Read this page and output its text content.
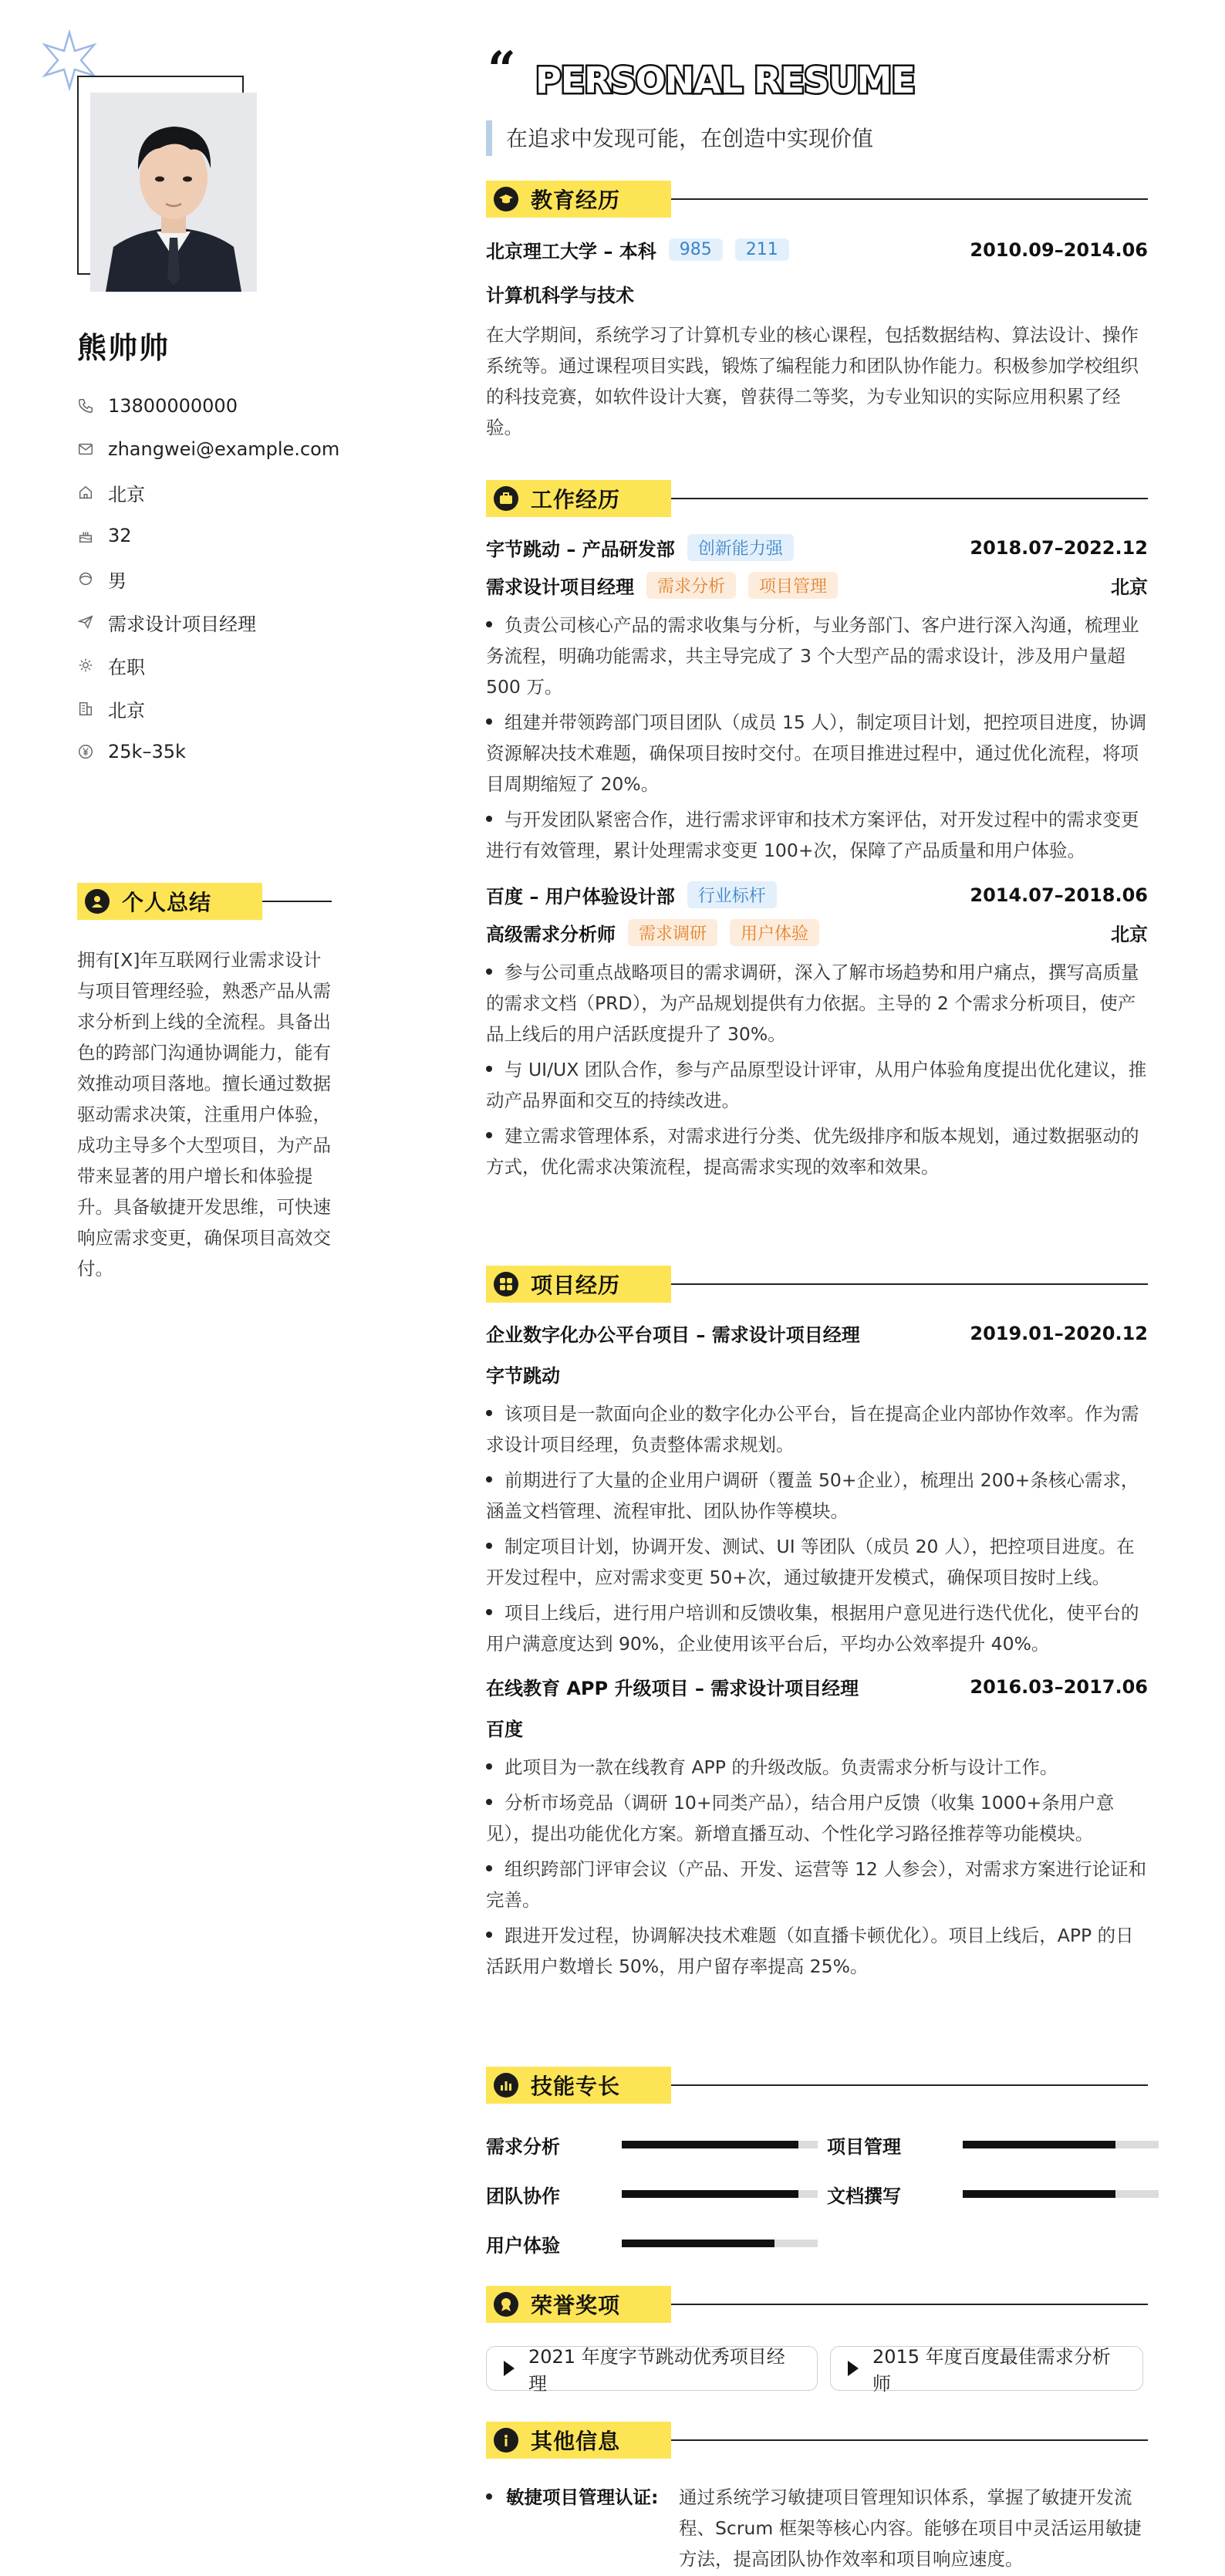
熊帅帅
13800000000
zhangwei@example.com
北京
32
男
需求设计项目经理
在职
北京
25k–35k
个人总结
拥有[X]年互联网行业需求设计与项目管理经验，熟悉产品从需求分析到上线的全流程。具备出色的跨部门沟通协调能力，能有效推动项目落地。擅长通过数据驱动需求决策，注重用户体验，成功主导多个大型项目，为产品带来显著的用户增长和体验提升。具备敏捷开发思维，可快速响应需求变更，确保项目高效交付。
“ PERSONAL RESUME
在追求中发现可能，在创造中实现价值
教育经历
北京理工大学 – 本科	985	211	2010.09–2014.06
计算机科学与技术
在大学期间，系统学习了计算机专业的核心课程，包括数据结构、算法设计、操作系统等。通过课程项目实践，锻炼了编程能力和团队协作能力。积极参加学校组织的科技竞赛，如软件设计大赛，曾获得二等奖，为专业知识的实际应用积累了经验。
工作经历
字节跳动 – 产品研发部	创新能力强	2018.07–2022.12
需求设计项目经理	需求分析	项目管理	北京
负责公司核心产品的需求收集与分析，与业务部门、客户进行深入沟通，梳理业务流程，明确功能需求，共主导完成了 3 个大型产品的需求设计，涉及用户量超 500 万。
组建并带领跨部门项目团队（成员 15 人），制定项目计划，把控项目进度，协调资源解决技术难题，确保项目按时交付。在项目推进过程中，通过优化流程，将项目周期缩短了 20%。
与开发团队紧密合作，进行需求评审和技术方案评估，对开发过程中的需求变更进行有效管理，累计处理需求变更 100+次，保障了产品质量和用户体验。
百度 – 用户体验设计部	行业标杆	2014.07–2018.06
高级需求分析师	需求调研	用户体验	北京
参与公司重点战略项目的需求调研，深入了解市场趋势和用户痛点，撰写高质量的需求文档（PRD），为产品规划提供有力依据。主导的 2 个需求分析项目，使产品上线后的用户活跃度提升了 30%。
与 UI/UX 团队合作，参与产品原型设计评审，从用户体验角度提出优化建议，推动产品界面和交互的持续改进。
建立需求管理体系，对需求进行分类、优先级排序和版本规划，通过数据驱动的方式，优化需求决策流程，提高需求实现的效率和效果。
项目经历
企业数字化办公平台项目 – 需求设计项目经理	2019.01–2020.12
字节跳动
该项目是一款面向企业的数字化办公平台，旨在提高企业内部协作效率。作为需求设计项目经理，负责整体需求规划。
前期进行了大量的企业用户调研（覆盖 50+企业），梳理出 200+条核心需求，涵盖文档管理、流程审批、团队协作等模块。
制定项目计划，协调开发、测试、UI 等团队（成员 20 人），把控项目进度。在开发过程中，应对需求变更 50+次，通过敏捷开发模式，确保项目按时上线。
项目上线后，进行用户培训和反馈收集，根据用户意见进行迭代优化，使平台的用户满意度达到 90%，企业使用该平台后，平均办公效率提升 40%。
在线教育 APP 升级项目 – 需求设计项目经理	2016.03–2017.06
百度
此项目为一款在线教育 APP 的升级改版。负责需求分析与设计工作。
分析市场竞品（调研 10+同类产品），结合用户反馈（收集 1000+条用户意见），提出功能优化方案。新增直播互动、个性化学习路径推荐等功能模块。
组织跨部门评审会议（产品、开发、运营等 12 人参会），对需求方案进行论证和完善。
跟进开发过程，协调解决技术难题（如直播卡顿优化）。项目上线后，APP 的日活跃用户数增长 50%，用户留存率提高 25%。
技能专长
需求分析	项目管理
团队协作	文档撰写
用户体验
荣誉奖项
2021 年度字节跳动优秀项目经理
2015 年度百度最佳需求分析师
其他信息
敏捷项目管理认证:	通过系统学习敏捷项目管理知识体系，掌握了敏捷开发流程、Scrum 框架等核心内容。能够在项目中灵活运用敏捷方法，提高团队协作效率和项目响应速度。
